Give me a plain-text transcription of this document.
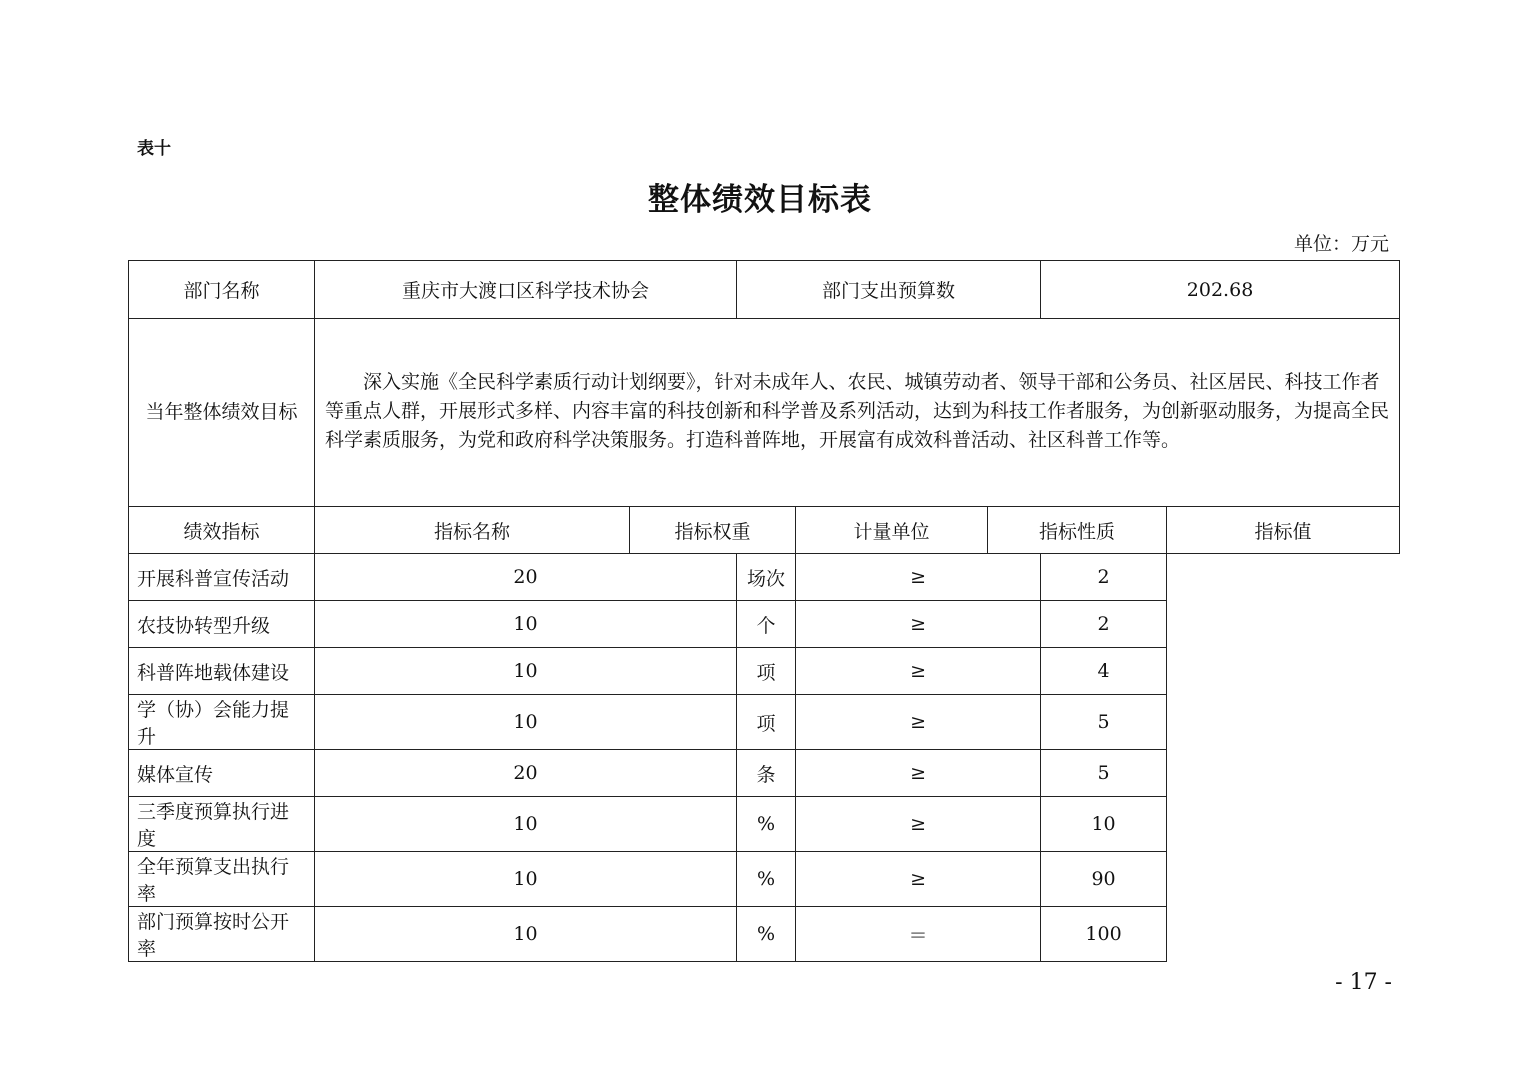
表十
整体绩效目标表
单位：万元
部门名称	重庆市大渡口区科学技术协会		部门支出预算数			202.68	
当年整体绩效目标	深入实施《全民科学素质行动计划纲要》，针对未成年人、农民、城镇劳动者、领导干部和公务员、社区居民、科技工作者等重点人群，开展形式多样、内容丰富的科技创新和科学普及系列活动，达到为科技工作者服务，为创新驱动服务，为提高全民科学素质服务，为党和政府科学决策服务。打造科普阵地，开展富有成效科普活动、社区科普工作等。						
绩效指标	指标名称	指标权重		计量单位	指标性质		指标值
开展科普宣传活动	20		场次	≥		2	
农技协转型升级	10		个	≥		2	
科普阵地载体建设	10		项	≥		4	
学（协）会能力提升	10		项	≥		5	
媒体宣传	20		条	≥		5	
三季度预算执行进度	10		%	≥		10	
全年预算支出执行率	10		%	≥		90	
部门预算按时公开率	10		%	＝		100	
- 17 -
